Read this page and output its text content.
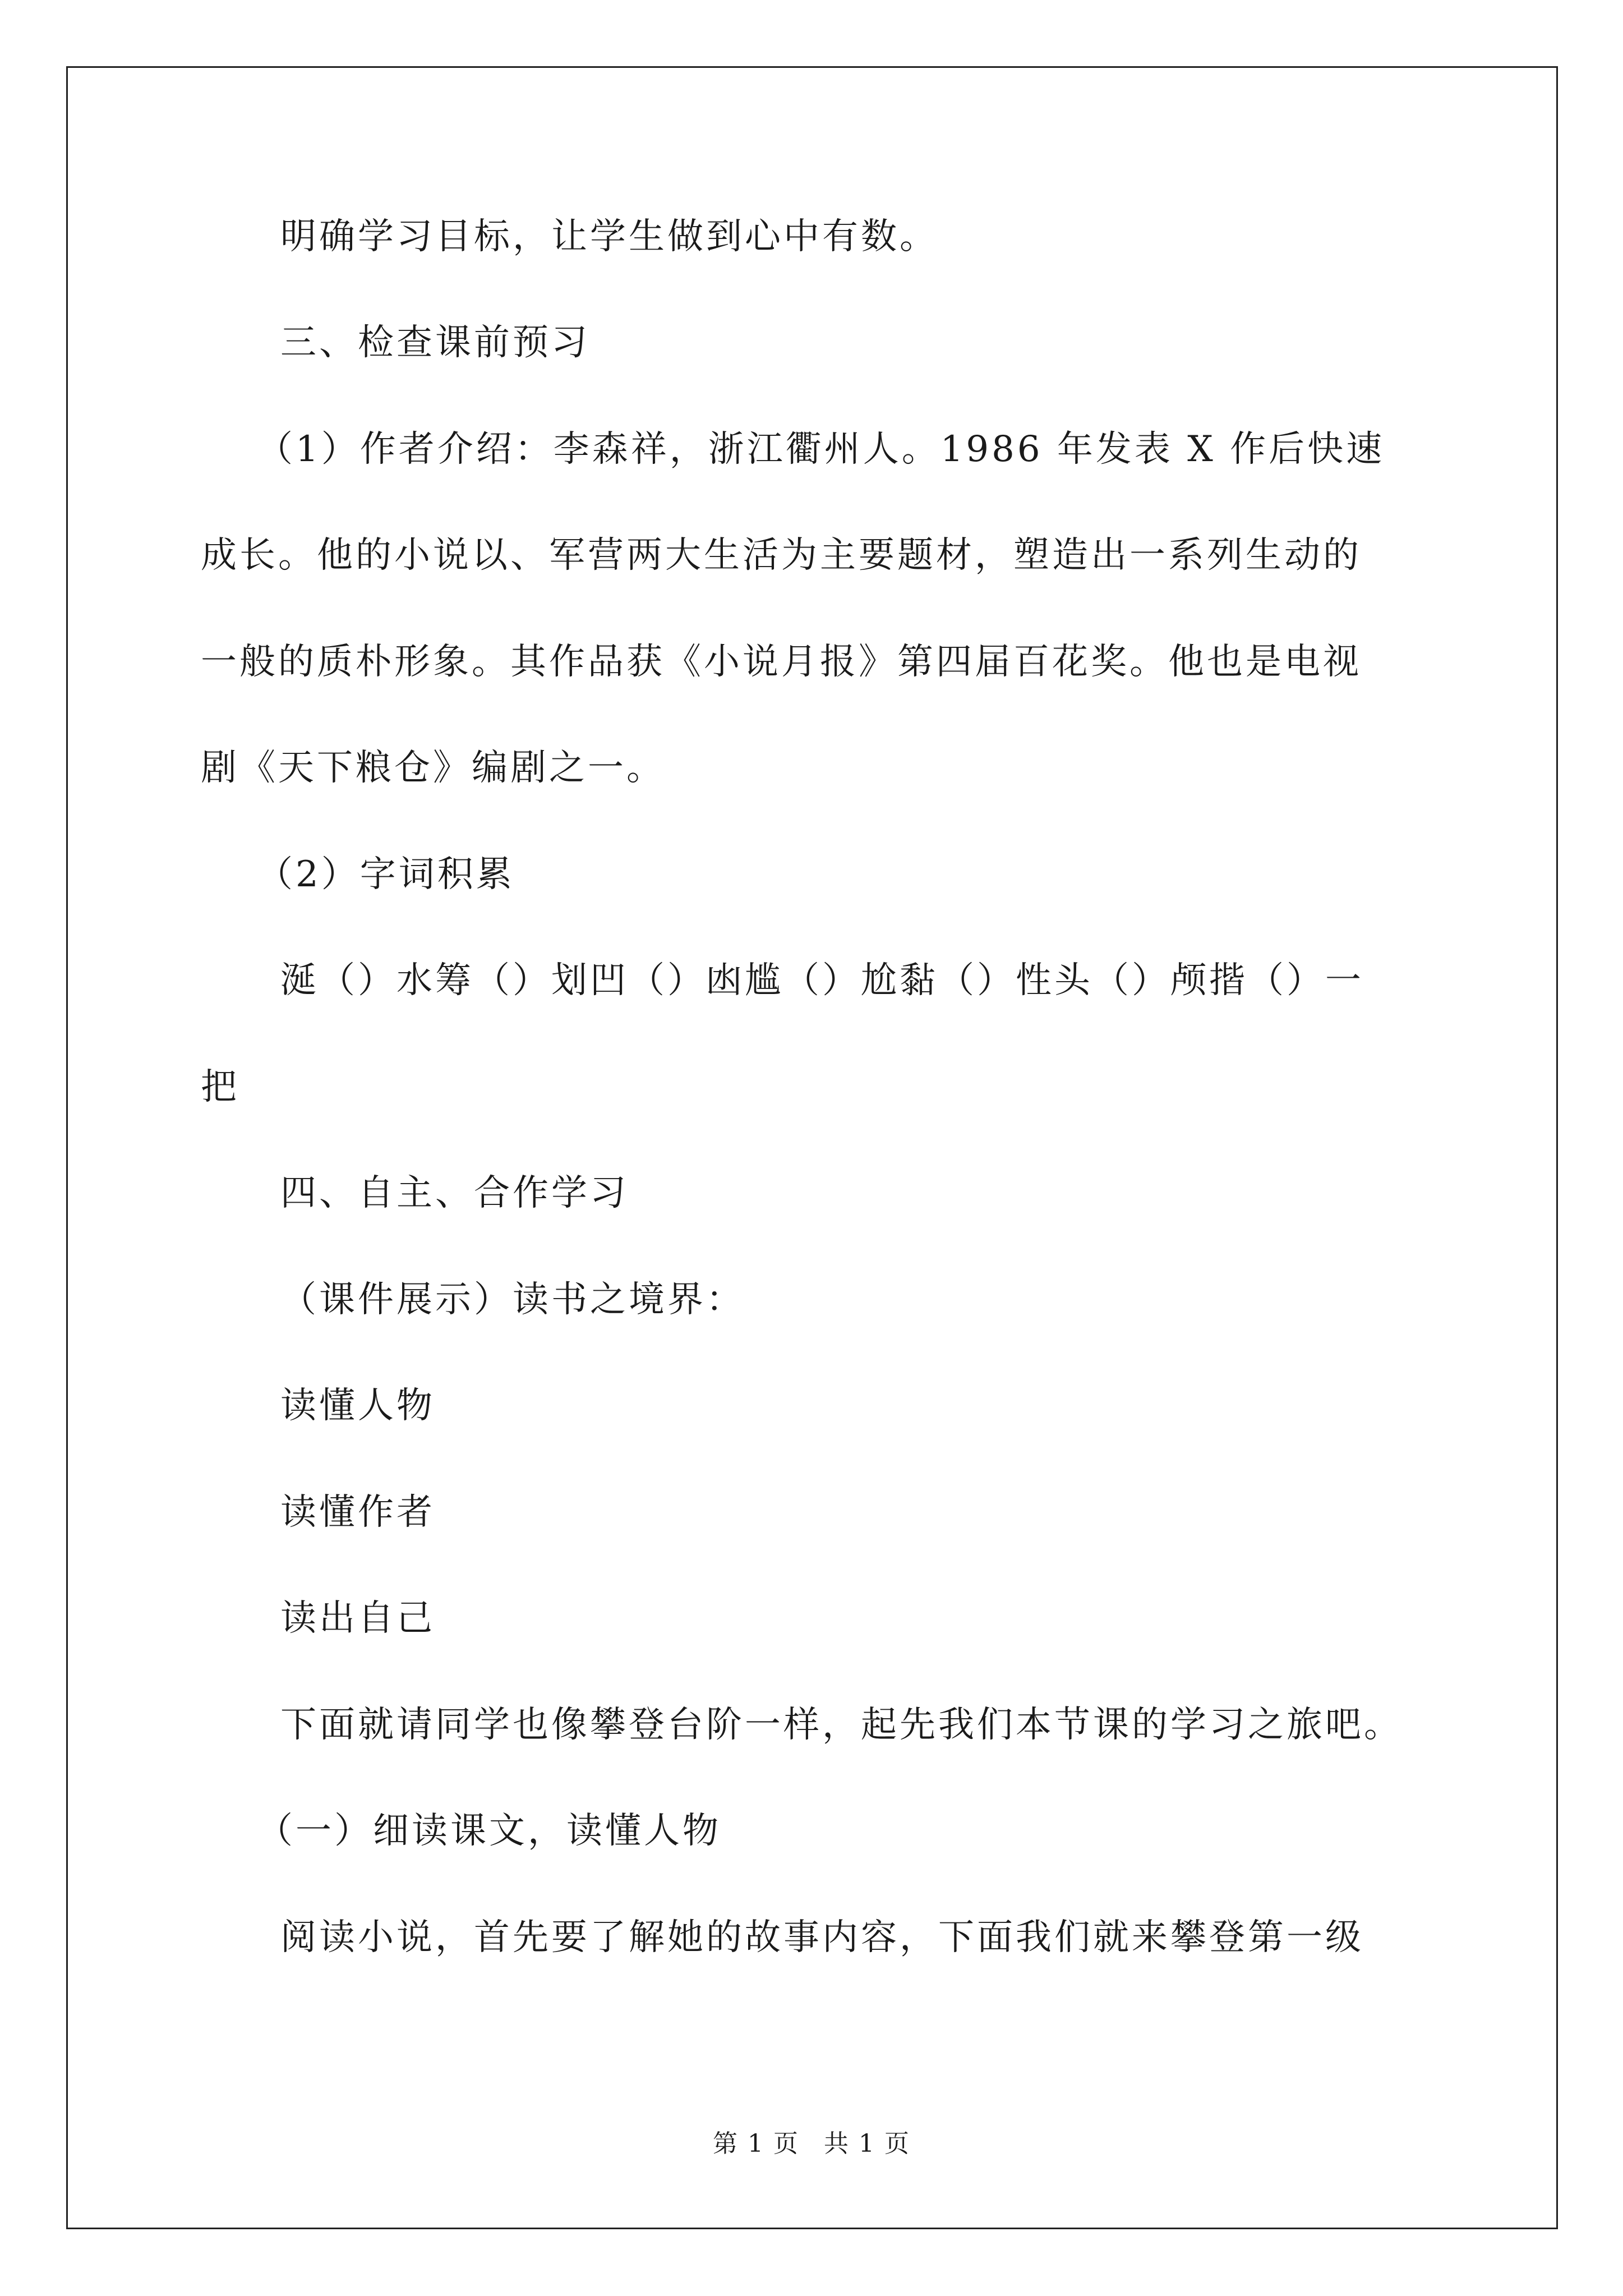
明确学习目标，让学生做到心中有数。

三、检查课前预习

（1）作者介绍：李森祥，浙江衢州人。1986 年发表 X 作后快速

成长。他的小说以、军营两大生活为主要题材，塑造出一系列生动的

一般的质朴形象。其作品获《小说月报》第四届百花奖。他也是电视

剧《天下粮仓》编剧之一。

（2）字词积累

涎（）水筹（）划凹（）凼尴（）尬黏（）性头（）颅揩（）一

把

四、自主、合作学习

（课件展示）读书之境界：

读懂人物

读懂作者

读出自己

下面就请同学也像攀登台阶一样，起先我们本节课的学习之旅吧。

（一）细读课文，读懂人物

阅读小说，首先要了解她的故事内容，下面我们就来攀登第一级

第 1 页 共 1 页
